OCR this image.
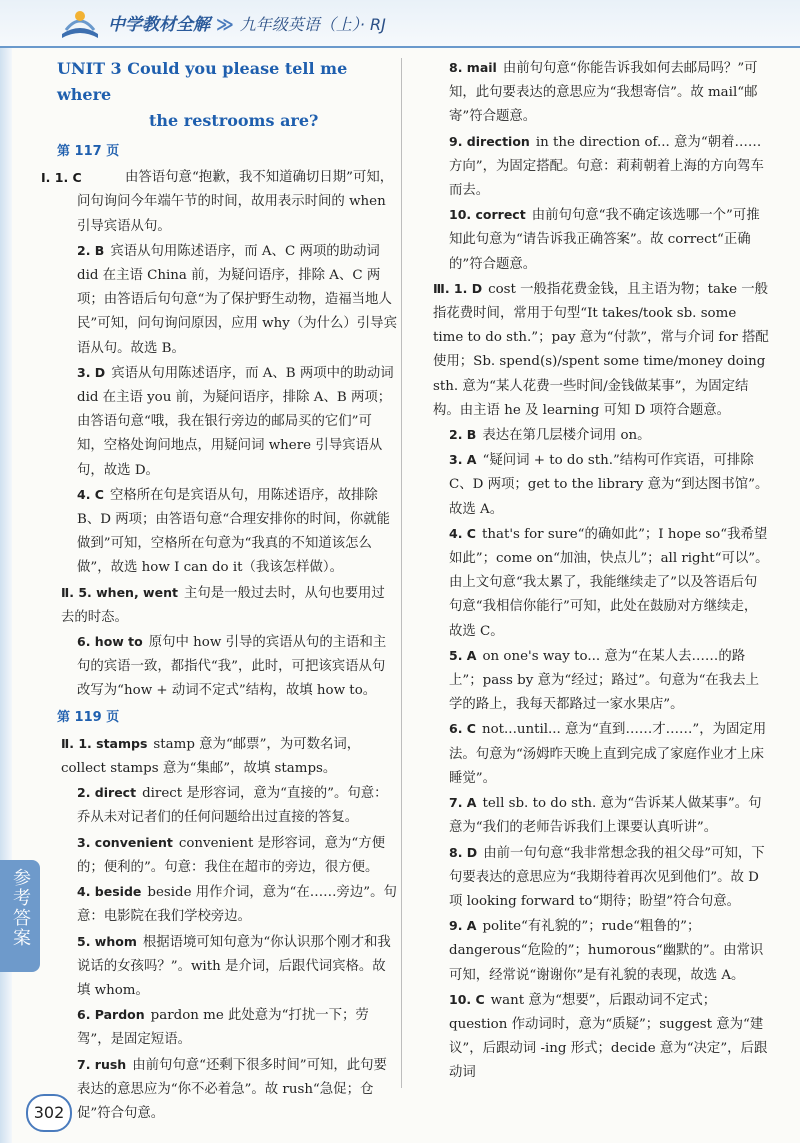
中学教材全解 ≫ 九年级英语（上）· RJ
参考答案
302
UNIT 3 Could you please tell me where
the restrooms are?
第 117 页

Ⅰ. 1. C	由答语句意“抱歉，我不知道确切日期”可知，问句询问今年端午节的时间，故用表示时间的 when 引导宾语从句。

2. B 宾语从句用陈述语序，而 A、C 两项的助动词 did 在主语 China 前，为疑问语序，排除 A、C 两项；由答语后句句意“为了保护野生动物，造福当地人民”可知，问句询问原因，应用 why（为什么）引导宾语从句。故选 B。

3. D 宾语从句用陈述语序，而 A、B 两项中的助动词 did 在主语 you 前，为疑问语序，排除 A、B 两项；由答语句意“哦，我在银行旁边的邮局买的它们”可知，空格处询问地点，用疑问词 where 引导宾语从句，故选 D。

4. C 空格所在句是宾语从句，用陈述语序，故排除 B、D 两项；由答语句意“合理安排你的时间，你就能做到”可知，空格所在句意为“我真的不知道该怎么做”，故选 how I can do it（我该怎样做）。

Ⅱ. 5. when, went 主句是一般过去时，从句也要用过去的时态。

6. how to 原句中 how 引导的宾语从句的主语和主句的宾语一致，都指代“我”，此时，可把该宾语从句改写为“how + 动词不定式”结构，故填 how to。

第 119 页

Ⅱ. 1. stamps stamp 意为“邮票”，为可数名词，collect stamps 意为“集邮”，故填 stamps。

2. direct direct 是形容词，意为“直接的”。句意：乔从未对记者们的任何问题给出过直接的答复。

3. convenient convenient 是形容词，意为“方便的；便利的”。句意：我住在超市的旁边，很方便。

4. beside beside 用作介词，意为“在……旁边”。句意：电影院在我们学校旁边。

5. whom 根据语境可知句意为“你认识那个刚才和我说话的女孩吗？”。with 是介词，后跟代词宾格。故填 whom。

6. Pardon pardon me 此处意为“打扰一下；劳驾”，是固定短语。

7. rush 由前句句意“还剩下很多时间”可知，此句要表达的意思应为“你不必着急”。故 rush“急促；仓促”符合句意。

8. mail 由前句句意“你能告诉我如何去邮局吗？”可知，此句要表达的意思应为“我想寄信”。故 mail“邮寄”符合题意。

9. direction in the direction of... 意为“朝着……方向”，为固定搭配。句意：莉莉朝着上海的方向驾车而去。

10. correct 由前句句意“我不确定该选哪一个”可推知此句意为“请告诉我正确答案”。故 correct“正确的”符合题意。

Ⅲ. 1. D cost 一般指花费金钱，且主语为物；take 一般指花费时间，常用于句型“It takes/took sb. some time to do sth.”；pay 意为“付款”，常与介词 for 搭配使用；Sb. spend(s)/spent some time/money doing sth. 意为“某人花费一些时间/金钱做某事”，为固定结构。由主语 he 及 learning 可知 D 项符合题意。

2. B 表达在第几层楼介词用 on。

3. A “疑问词 + to do sth.”结构可作宾语，可排除 C、D 两项；get to the library 意为“到达图书馆”。故选 A。

4. C that's for sure“的确如此”；I hope so“我希望如此”；come on“加油，快点儿”；all right“可以”。由上文句意“我太累了，我能继续走了”以及答语后句句意“我相信你能行”可知，此处在鼓励对方继续走，故选 C。

5. A on one's way to... 意为“在某人去……的路上”；pass by 意为“经过；路过”。句意为“在我去上学的路上，我每天都路过一家水果店”。

6. C not...until... 意为“直到……才……”，为固定用法。句意为“汤姆昨天晚上直到完成了家庭作业才上床睡觉”。

7. A tell sb. to do sth. 意为“告诉某人做某事”。句意为“我们的老师告诉我们上课要认真听讲”。

8. D 由前一句句意“我非常想念我的祖父母”可知，下句要表达的意思应为“我期待着再次见到他们”。故 D 项 looking forward to“期待；盼望”符合句意。

9. A polite“有礼貌的”；rude“粗鲁的”；dangerous“危险的”；humorous“幽默的”。由常识可知，经常说“谢谢你”是有礼貌的表现，故选 A。

10. C want 意为“想要”，后跟动词不定式；question 作动词时，意为“质疑”；suggest 意为“建议”，后跟动词 -ing 形式；decide 意为“决定”，后跟动词
